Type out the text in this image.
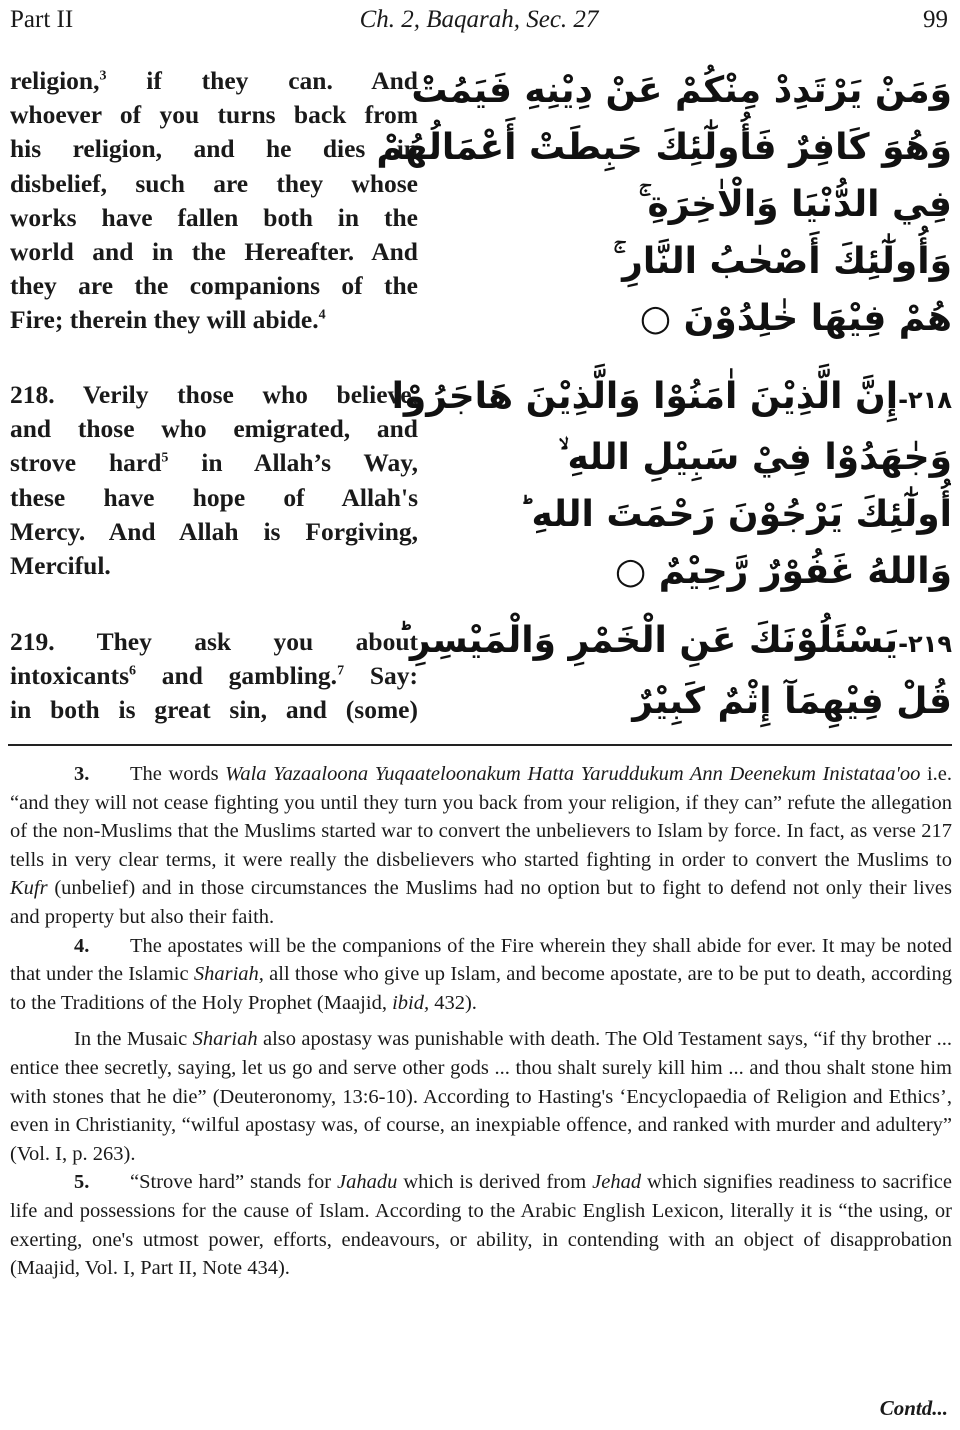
Part II	Ch. 2, Baqarah, Sec. 27	99
religion,$^3$ if they can. And
whoever of you turns back from
his religion, and he dies in
disbelief, such are they whose
works have fallen both in the
world and in the Hereafter. And
they are the companions of the
Fire; therein they will abide.$^4$
وَمَنْ يَرْتَدِدْ مِنْكُمْ عَنْ دِيْنِهِ فَيَمُتْ
وَهُوَ كَافِرٌ فَأُولٰٓئِكَ حَبِطَتْ أَعْمَالُهُمْ
فِي الدُّنْيَا وَالْاٰخِرَةِ ۚ
وَأُولٰٓئِكَ أَصْحٰبُ النَّارِ ۚ
هُمْ فِيْهَا خٰلِدُوْنَ ○
218. Verily those who believe,
and those who emigrated, and
strove hard$^5$ in Allah’s Way,
these have hope of Allah's
Mercy. And Allah is Forgiving,
Merciful.
٢١٨-إِنَّ الَّذِيْنَ اٰمَنُوْا وَالَّذِيْنَ هَاجَرُوْا
وَجٰهَدُوْا فِيْ سَبِيْلِ اللهِ ۙ
أُولٰٓئِكَ يَرْجُوْنَ رَحْمَتَ اللهِ ؕ
وَاللهُ غَفُوْرٌ رَّحِيْمٌ ○
219. They ask you about
intoxicants$^6$ and gambling.$^7$ Say:
in both is great sin, and (some)
٢١٩-يَسْئَلُوْنَكَ عَنِ الْخَمْرِ وَالْمَيْسِرِ ؕ
قُلْ فِيْهِمَآ إِثْمٌ كَبِيْرٌ

3. The words Wala Yazaaloona Yuqaateloonakum Hatta Yaruddukum Ann Deenekum Inistataa'oo i.e. “and they will not cease fighting you until they turn you back from your religion, if they can” refute the allegation of the non-Muslims that the Muslims started war to convert the unbelievers to Islam by force. In fact, as verse 217 tells in very clear terms, it were really the disbelievers who started fighting in order to convert the Muslims to Kufr (unbelief) and in those circumstances the Muslims had no option but to fight to defend not only their lives and property but also their faith.

4. The apostates will be the companions of the Fire wherein they shall abide for ever. It may be noted that under the Islamic Shariah, all those who give up Islam, and become apostate, are to be put to death, according to the Traditions of the Holy Prophet (Maajid, ibid, 432).

In the Musaic Shariah also apostasy was punishable with death. The Old Testament says, “if thy brother ... entice thee secretly, saying, let us go and serve other gods ... thou shalt surely kill him ... and thou shalt stone him with stones that he die” (Deuteronomy, 13:6-10). According to Hasting's ‘Encyclopaedia of Religion and Ethics’, even in Christianity, “wilful apostasy was, of course, an inexpiable offence, and ranked with murder and adultery” (Vol. I, p. 263).

5. “Strove hard” stands for Jahadu which is derived from Jehad which signifies readiness to sacrifice life and possessions for the cause of Islam. According to the Arabic English Lexicon, literally it is “the using, or exerting, one's utmost power, efforts, endeavours, or ability, in contending with an object of disapprobation (Maajid, Vol. I, Part II, Note 434).

Contd...
